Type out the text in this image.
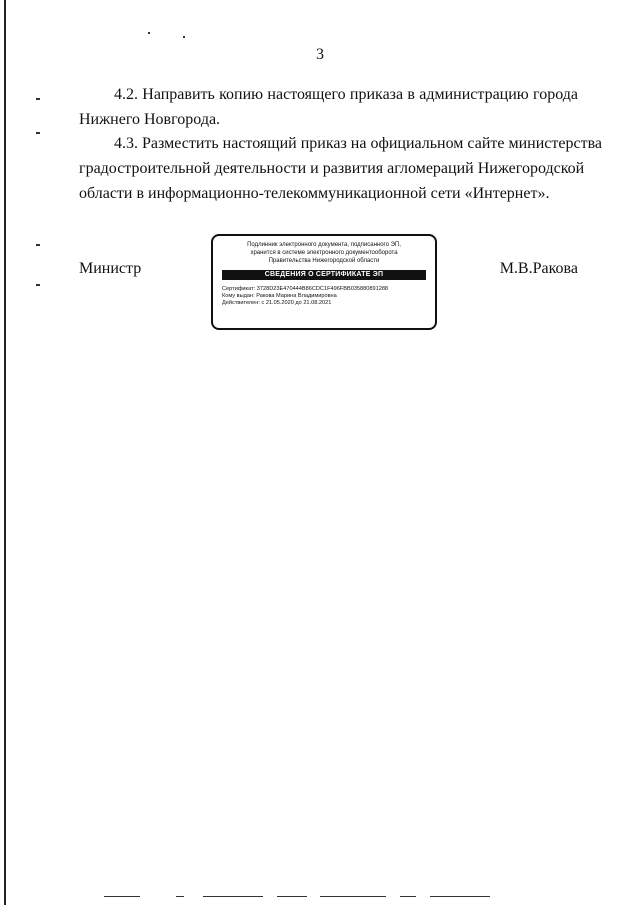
3

4.2. Направить копию настоящего приказа в администрацию города
Нижнего Новгорода.

4.3. Разместить настоящий приказ на официальном сайте министерства
градостроительной деятельности и развития агломераций Нижегородской
области в информационно-телекоммуникационной сети «Интернет».

Министр	М.В.Ракова
Подлинник электронного документа, подписанного ЭП,
хранится в системе электронного документооборота
Правительства Нижегородской области
СВЕДЕНИЯ О СЕРТИФИКАТЕ ЭП
Сертификат: 3728D23E470444B86CDC1F496FBB035880891288
Кому выдан: Ракова Марина Владимировна
Действителен: с 21.05.2020 до 21.08.2021
